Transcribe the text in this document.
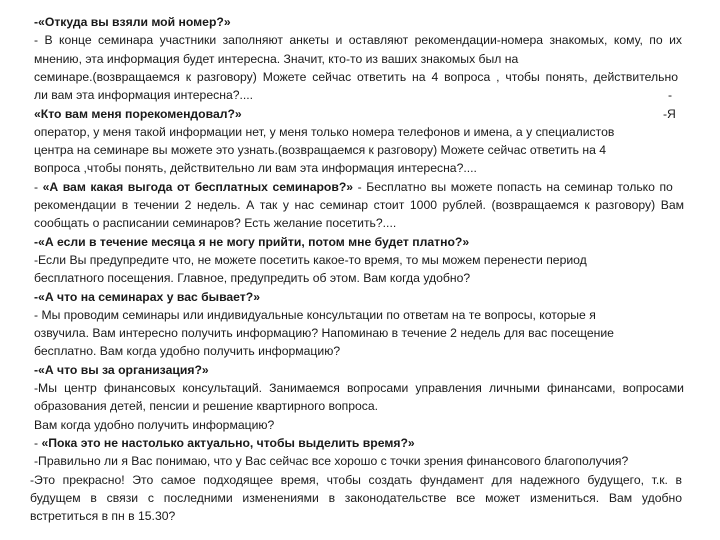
-«Откуда вы взяли мой номер?»
- В конце семинара участники заполняют анкеты и оставляют рекомендации-номера знакомых, кому, по их
мнению, эта информация будет интересна. Значит, кто-то из ваших знакомых был на
семинаре.(возвращаемся к разговору) Можете сейчас ответить на 4 вопроса , чтобы понять, действительно
ли вам эта информация интересна?....	-
«Кто вам меня порекомендовал?»	-Я
оператор, у меня такой информации нет, у меня только номера телефонов и имена, а у специалистов
центра на семинаре вы можете это узнать.(возвращаемся к разговору) Можете сейчас ответить на 4
вопроса ,чтобы понять, действительно ли вам эта информация интересна?....
- «А вам какая выгода от бесплатных семинаров?» - Бесплатно вы можете попасть на семинар только по
рекомендации в течении 2 недель. А так у нас семинар стоит 1000 рублей. (возвращаемся к разговору) Вам
сообщать о расписании семинаров? Есть желание посетить?....
-«А если в течение месяца я не могу прийти, потом мне будет платно?»
-Если Вы предупредите что, не можете посетить какое-то время, то мы можем перенести период
бесплатного посещения. Главное, предупредить об этом. Вам когда удобно?
-«А что на семинарах у вас бывает?»
- Мы проводим семинары или индивидуальные консультации по ответам на те вопросы, которые я
озвучила. Вам интересно получить информацию? Напоминаю в течение 2 недель для вас посещение
бесплатно. Вам когда удобно получить информацию?
-«А что вы за организация?»
-Мы центр финансовых консультаций. Занимаемся вопросами управления личными финансами, вопросами
образования детей, пенсии и решение квартирного вопроса.
Вам когда удобно получить информацию?
- «Пока это не настолько актуально, чтобы выделить время?»
-Правильно ли я Вас понимаю, что у Вас сейчас все хорошо с точки зрения финансового благополучия?
-Это прекрасно! Это самое подходящее время, чтобы создать фундамент для надежного будущего, т.к. в
будущем в связи с последними изменениями в законодательстве все может измениться. Вам удобно
встретиться в пн в 15.30?
